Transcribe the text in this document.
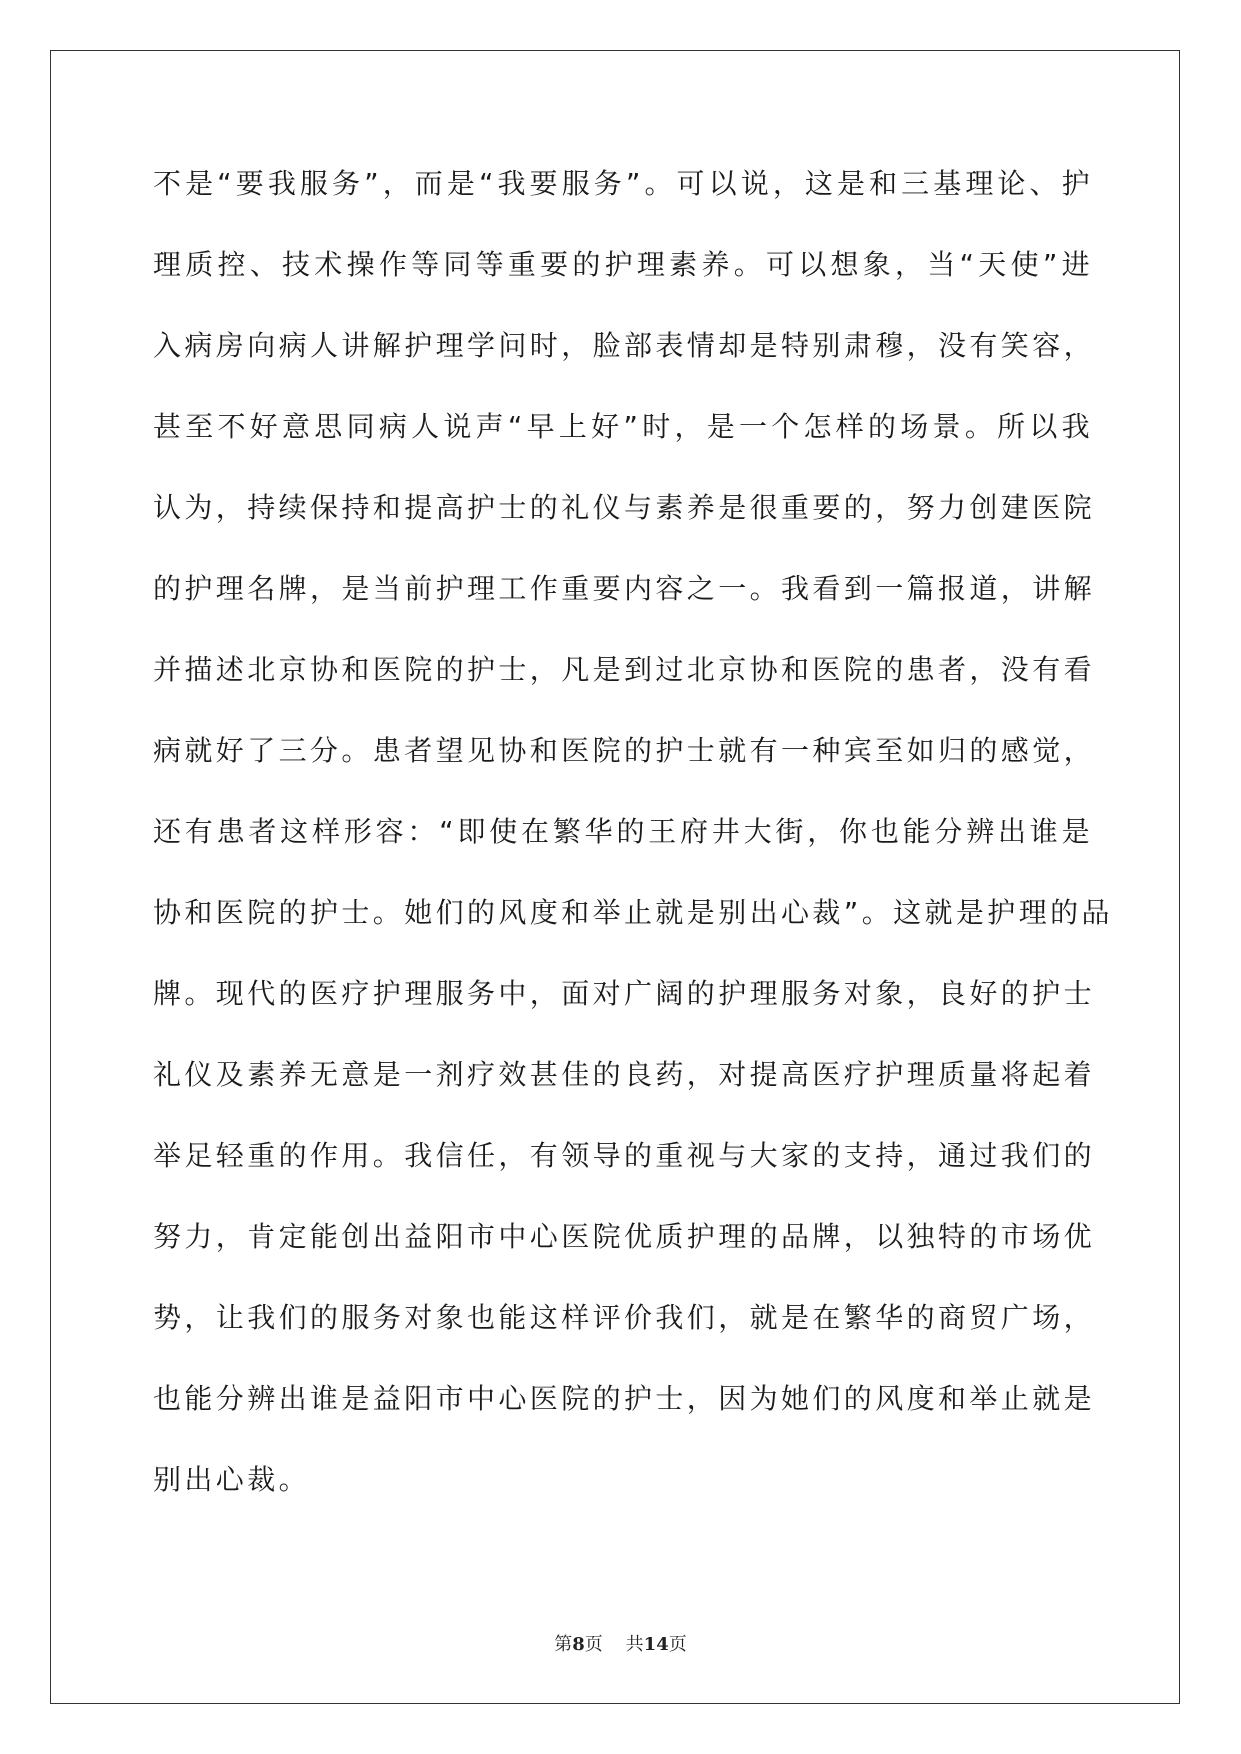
不是“要我服务”，而是“我要服务”。可以说，这是和三基理论、护
理质控、技术操作等同等重要的护理素养。可以想象，当“天使”进
入病房向病人讲解护理学问时，脸部表情却是特别肃穆，没有笑容，
甚至不好意思同病人说声“早上好”时，是一个怎样的场景。所以我
认为，持续保持和提高护士的礼仪与素养是很重要的，努力创建医院
的护理名牌，是当前护理工作重要内容之一。我看到一篇报道，讲解
并描述北京协和医院的护士，凡是到过北京协和医院的患者，没有看
病就好了三分。患者望见协和医院的护士就有一种宾至如归的感觉，
还有患者这样形容：“即使在繁华的王府井大街，你也能分辨出谁是
协和医院的护士。她们的风度和举止就是别出心裁”。这就是护理的品
牌。现代的医疗护理服务中，面对广阔的护理服务对象，良好的护士
礼仪及素养无意是一剂疗效甚佳的良药，对提高医疗护理质量将起着
举足轻重的作用。我信任，有领导的重视与大家的支持，通过我们的
努力，肯定能创出益阳市中心医院优质护理的品牌，以独特的市场优
势，让我们的服务对象也能这样评价我们，就是在繁华的商贸广场，
也能分辨出谁是益阳市中心医院的护士，因为她们的风度和举止就是
别出心裁。
第8页 共14页
